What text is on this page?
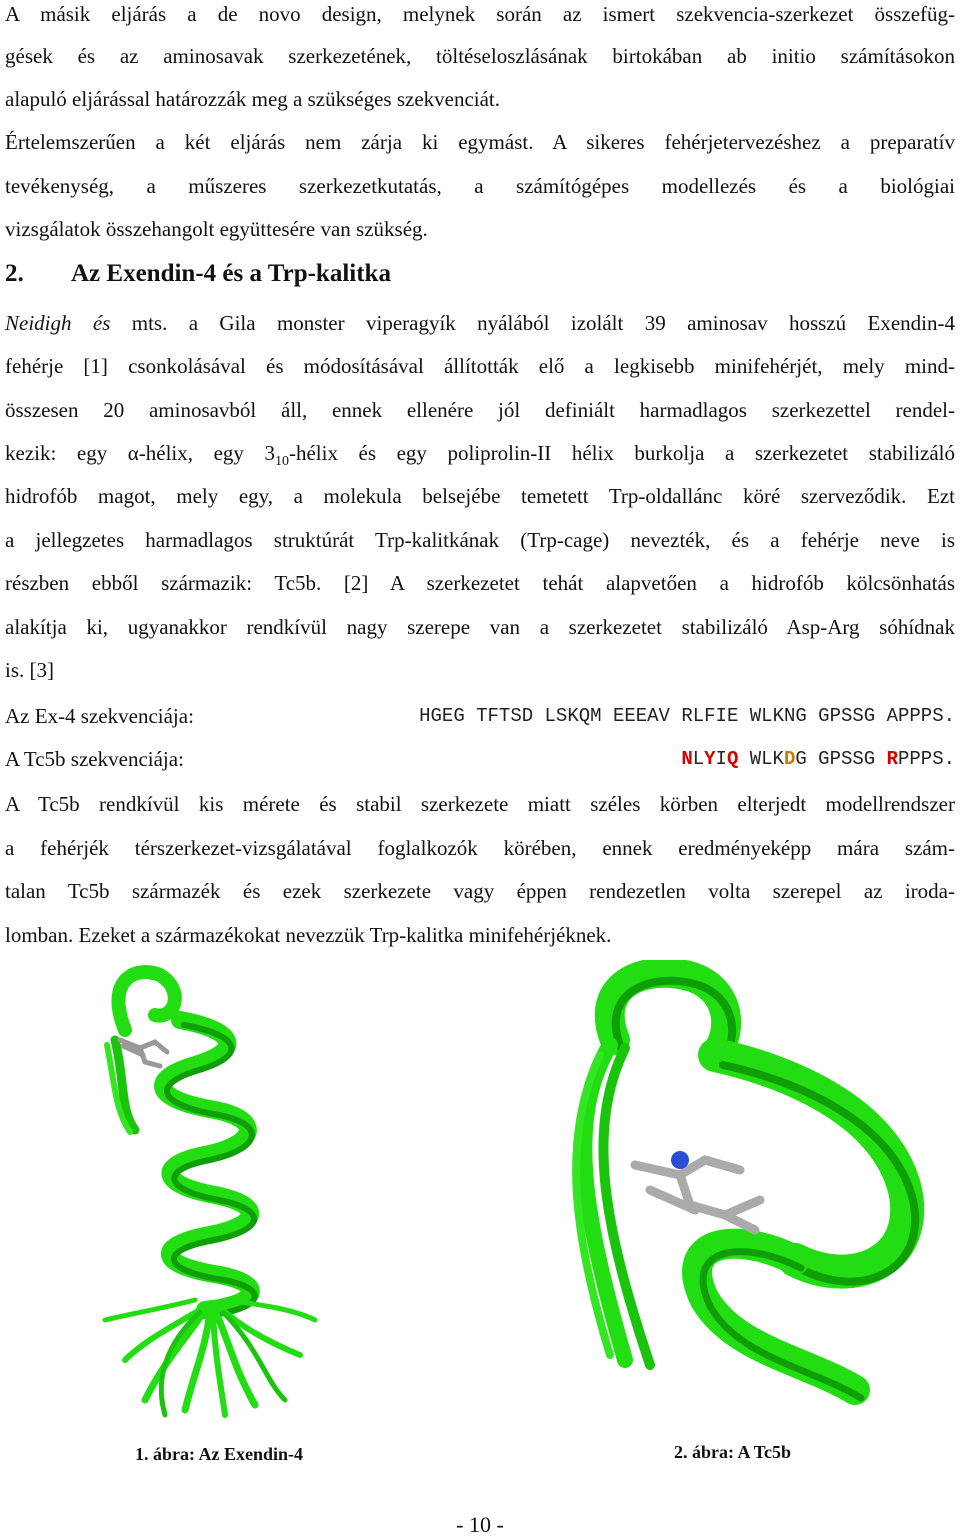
A másik eljárás a de novo design, melynek során az ismert szekvencia-szerkezet összefüg-
gések és az aminosavak szerkezetének, töltéseloszlásának birtokában ab initio számításokon
alapuló eljárással határozzák meg a szükséges szekvenciát.
Értelemszerűen a két eljárás nem zárja ki egymást. A sikeres fehérjetervezéshez a preparatív
tevékenység, a műszeres szerkezetkutatás, a számítógépes modellezés és a biológiai
vizsgálatok összehangolt együttesére van szükség.
2. Az Exendin-4 és a Trp-kalitka
Neidigh és mts. a Gila monster viperagyík nyálából izolált 39 aminosav hosszú Exendin-4
fehérje [1] csonkolásával és módosításával állították elő a legkisebb minifehérjét, mely mind-
összesen 20 aminosavból áll, ennek ellenére jól definiált harmadlagos szerkezettel rendel-
kezik: egy α-hélix, egy $3_{10}$-hélix és egy poliprolin-II hélix burkolja a szerkezetet stabilizáló
hidrofób magot, mely egy, a molekula belsejébe temetett Trp-oldallánc köré szerveződik. Ezt
a jellegzetes harmadlagos struktúrát Trp-kalitkának (Trp-cage) nevezték, és a fehérje neve is
részben ebből származik: Tc5b. [2] A szerkezetet tehát alapvetően a hidrofób kölcsönhatás
alakítja ki, ugyanakkor rendkívül nagy szerepe van a szerkezetet stabilizáló Asp-Arg sóhídnak
is. [3]
Az Ex-4 szekvenciája:	HGEG TFTSD LSKQM EEEAV RLFIE WLKNG GPSSG APPPS.
A Tc5b szekvenciája:	NLYIQ WLKDG GPSSG RPPPS.
A Tc5b rendkívül kis mérete és stabil szerkezete miatt széles körben elterjedt modellrendszer
a fehérjék térszerkezet-vizsgálatával foglalkozók körében, ennek eredményeképp mára szám-
talan Tc5b származék és ezek szerkezete vagy éppen rendezetlen volta szerepel az iroda-
lomban. Ezeket a származékokat nevezzük Trp-kalitka minifehérjéknek.
1. ábra: Az Exendin-4	2. ábra: A Tc5b
- 10 -
